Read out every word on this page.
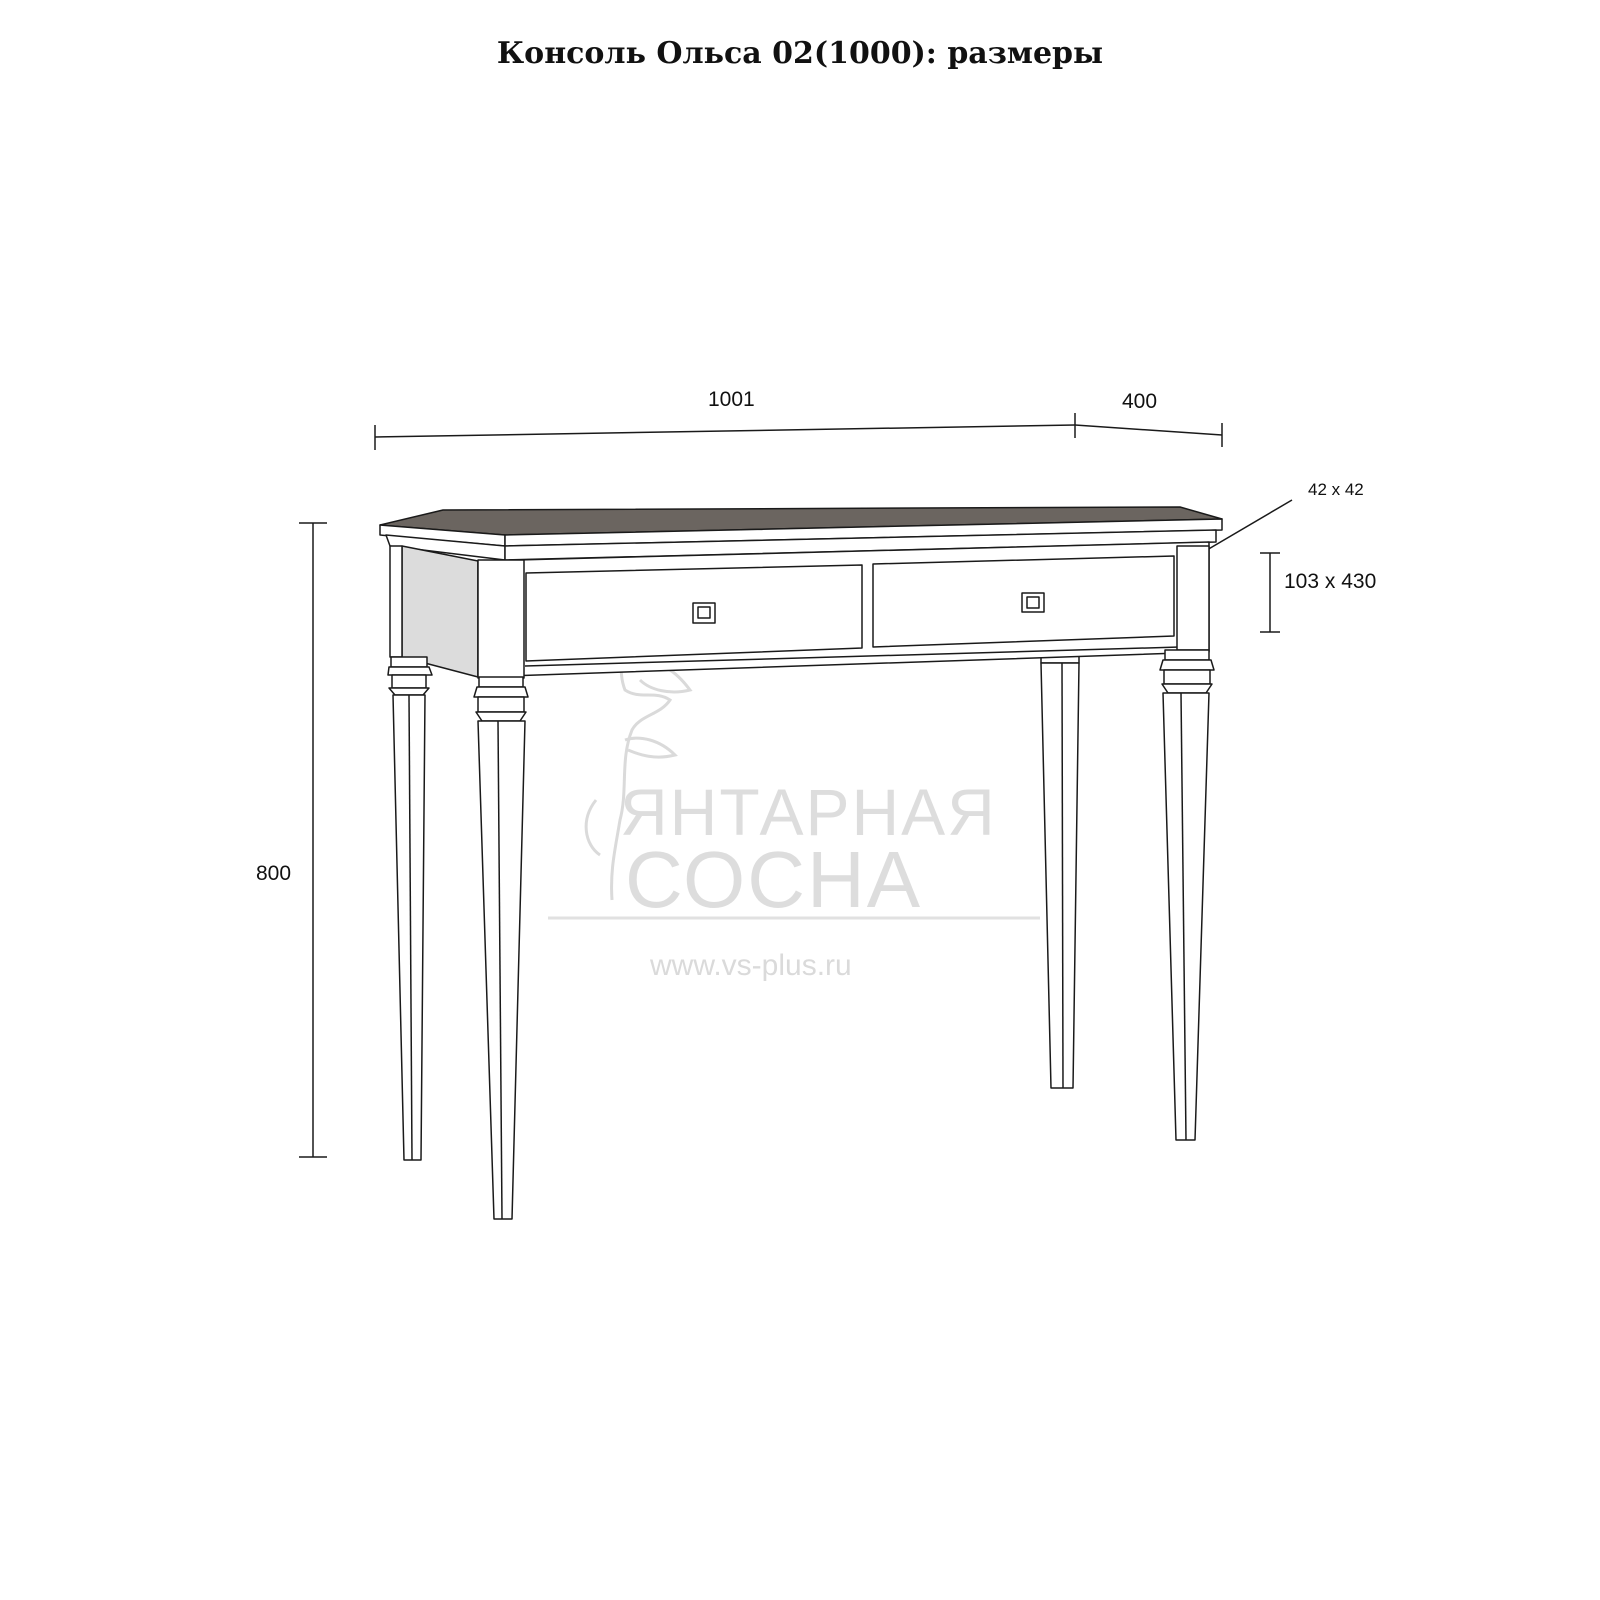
Консоль Ольса 02(1000): размеры
ЯНТАРНАЯ
СОСНА
www.vs-plus.ru
1001	400
800
42 x 42
103 x 430
